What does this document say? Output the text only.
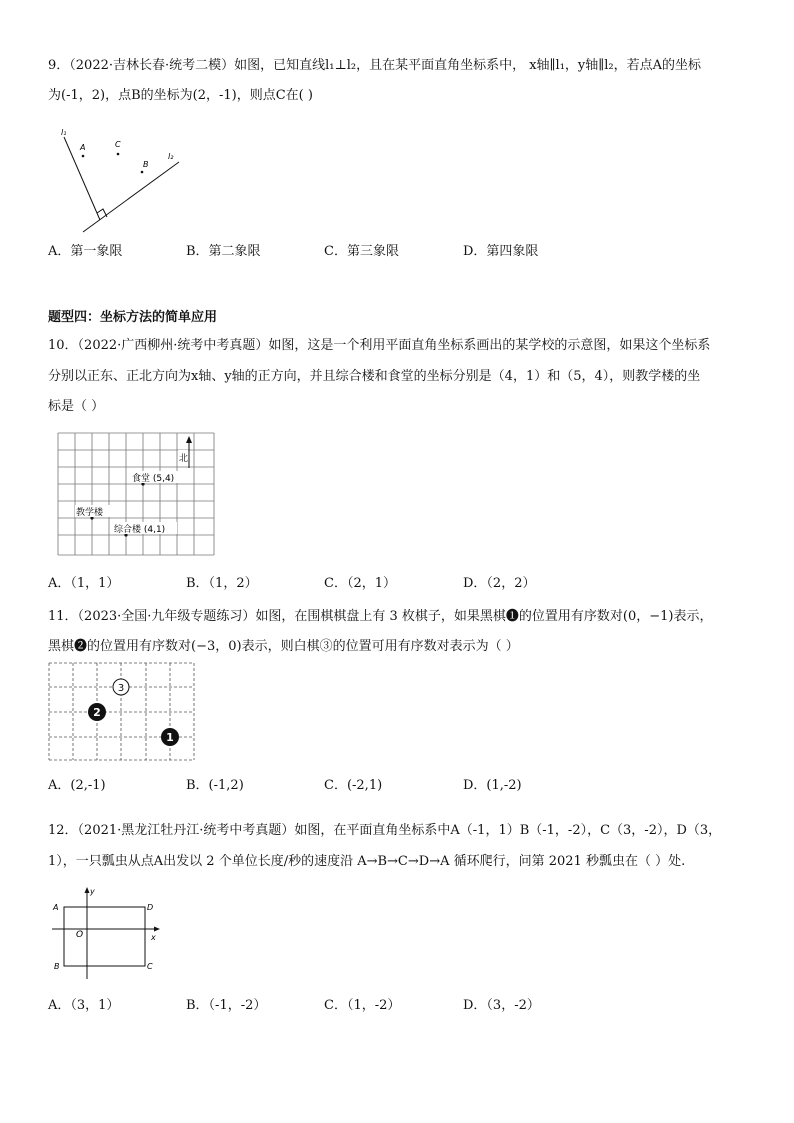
9．（2022·吉林长春·统考二模）如图，已知直线l₁⊥l₂，且在某平面直角坐标系中， x轴∥l₁，y轴∥l₂，若点A的坐标
为(-1，2)，点B的坐标为(2，-1)，则点C在( )
l₁
l₂
A	C
B
A．第一象限	B．第二象限	C．第三象限	D．第四象限
题型四：坐标方法的简单应用
10．（2022·广西柳州·统考中考真题）如图，这是一个利用平面直角坐标系画出的某学校的示意图，如果这个坐标系
分别以正东、正北方向为x轴、y轴的正方向，并且综合楼和食堂的坐标分别是（4，1）和（5，4），则教学楼的坐
标是（ ）
北
食堂 (5,4)
教学楼
综合楼 (4,1)
A．（1，1）	B．（1，2）	C．（2，1）	D．（2，2）
11．（2023·全国·九年级专题练习）如图，在围棋棋盘上有 3 枚棋子，如果黑棋❶的位置用有序数对(0，−1)表示，
黑棋❷的位置用有序数对(−3，0)表示，则白棋③的位置可用有序数对表示为（ ）
3
2
1
A．(2,-1)	B．(-1,2)	C．(-2,1)	D．(1,-2)
12．（2021·黑龙江牡丹江·统考中考真题）如图，在平面直角坐标系中A（-1，1）B（-1，-2），C（3，-2），D（3，
1），一只瓢虫从点A出发以 2 个单位长度/秒的速度沿 A→B→C→D→A 循环爬行，问第 2021 秒瓢虫在（ ）处.
y
x
O
A
B	C
D
A．（3，1）	B．（-1，-2）	C．（1，-2）	D．（3，-2）
